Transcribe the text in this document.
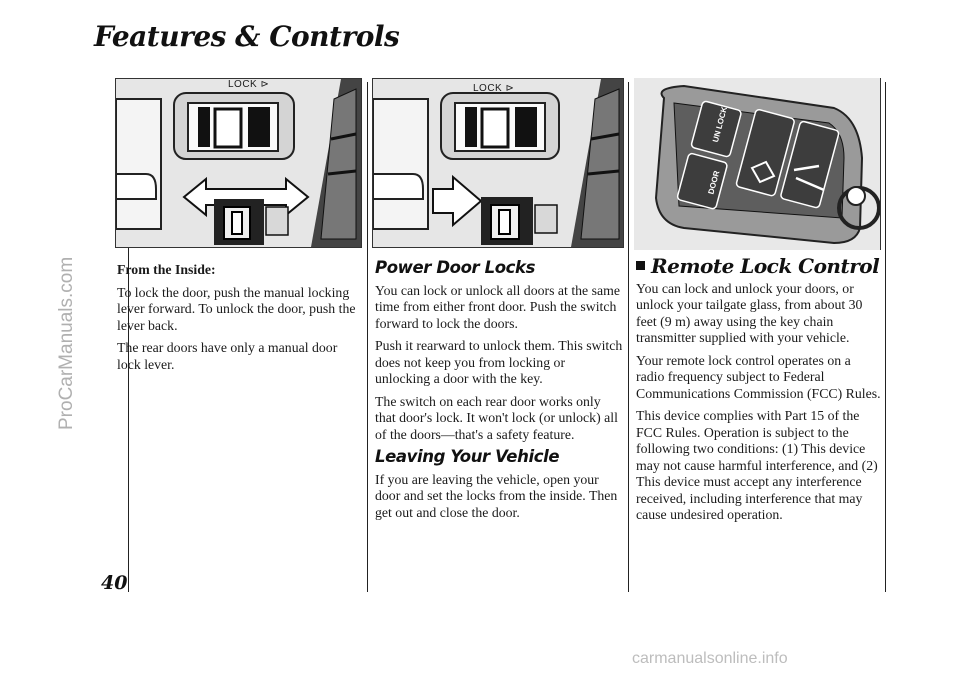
Features & Controls
ProCarManuals.com
carmanualsonline.info
40
LOCK ⊳	LOCK ⊳
UN LOCK
DOOR

From the Inside:

To lock the door, push the manual locking lever forward. To unlock the door, push the lever back.

The rear doors have only a manual door lock lever.

Power Door Locks

You can lock or unlock all doors at the same time from either front door. Push the switch forward to lock the doors.

Push it rearward to unlock them. This switch does not keep you from locking or unlocking a door with the key.

The switch on each rear door works only that door's lock. It won't lock (or unlock) all of the doors—that's a safety feature.

Leaving Your Vehicle

If you are leaving the vehicle, open your door and set the locks from the inside. Then get out and close the door.

Remote Lock Control

You can lock and unlock your doors, or unlock your tailgate glass, from about 30 feet (9 m) away using the key chain transmitter supplied with your vehicle.

Your remote lock control operates on a radio frequency subject to Federal Communications Commission (FCC) Rules.

This device complies with Part 15 of the FCC Rules. Operation is subject to the following two conditions: (1) This device may not cause harmful interference, and (2) This device must accept any interference received, including interference that may cause undesired operation.
